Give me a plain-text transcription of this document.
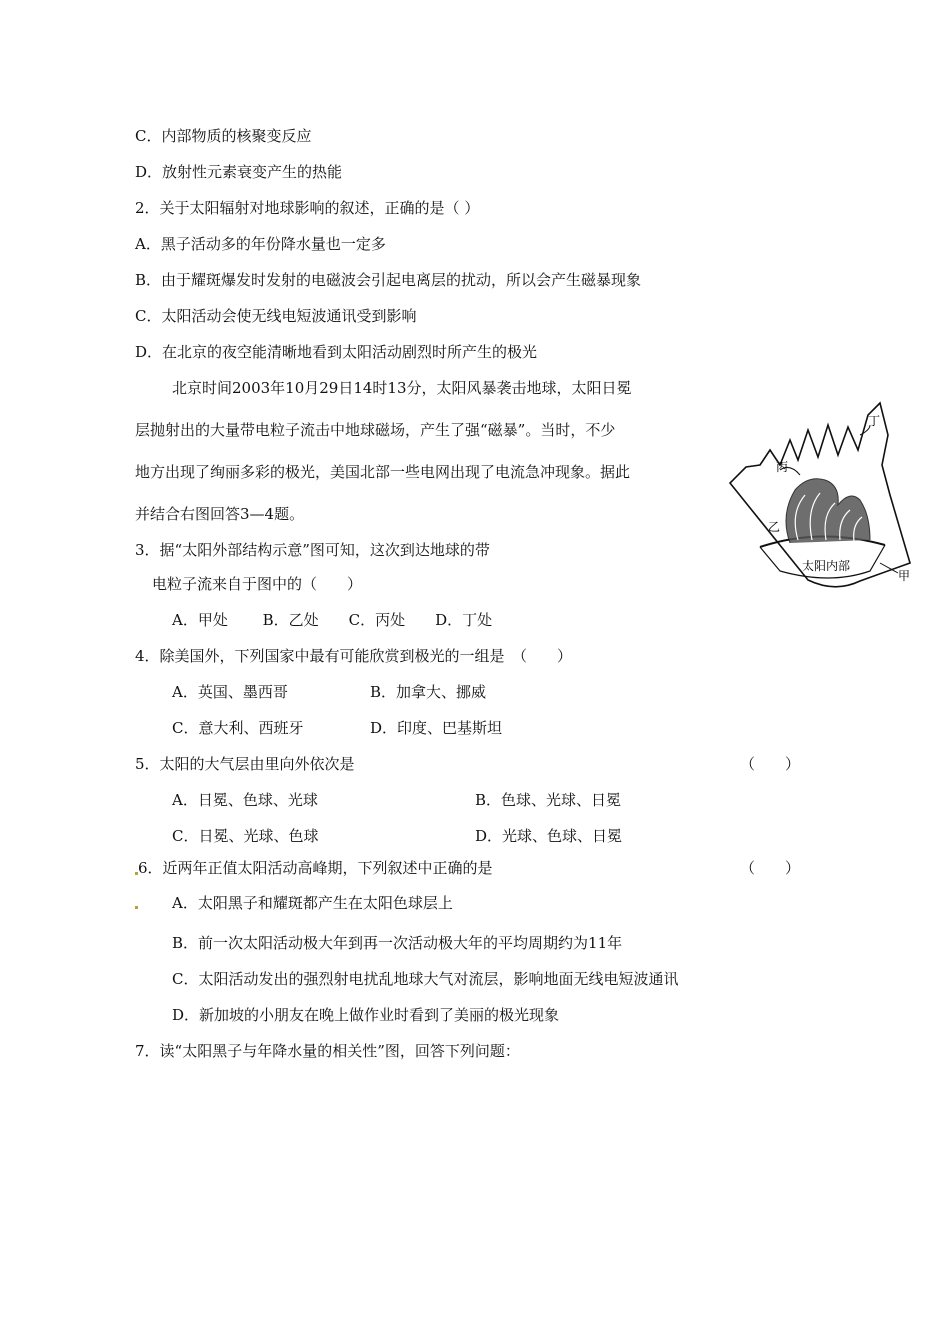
C．内部物质的核聚变反应
D．放射性元素衰变产生的热能
2．关于太阳辐射对地球影响的叙述，正确的是（ ）
A．黑子活动多的年份降水量也一定多
B．由于耀斑爆发时发射的电磁波会引起电离层的扰动，所以会产生磁暴现象
C．太阳活动会使无线电短波通讯受到影响
D．在北京的夜空能清晰地看到太阳活动剧烈时所产生的极光
北京时间2003年10月29日14时13分，太阳风暴袭击地球，太阳日冕
层抛射出的大量带电粒子流击中地球磁场，产生了强“磁暴”。当时，不少
地方出现了绚丽多彩的极光，美国北部一些电网出现了电流急冲现象。据此
并结合右图回答3—4题。
3．据“太阳外部结构示意”图可知，这次到达地球的带
电粒子流来自于图中的（　　）
A．甲处　　 B．乙处　　C．丙处　　D．丁处
4．除美国外，下列国家中最有可能欣赏到极光的一组是　（　　）
A．英国、墨西哥	B．加拿大、挪威
C．意大利、西班牙	D．印度、巴基斯坦
5．太阳的大气层由里向外依次是	（　　）
A．日冕、色球、光球	B．色球、光球、日冕
C．日冕、光球、色球	D．光球、色球、日冕
6．近两年正值太阳活动高峰期，下列叙述中正确的是	（　　）
A．太阳黑子和耀斑都产生在太阳色球层上
B．前一次太阳活动极大年到再一次活动极大年的平均周期约为11年
C．太阳活动发出的强烈射电扰乱地球大气对流层，影响地面无线电短波通讯
D．新加坡的小朋友在晚上做作业时看到了美丽的极光现象
7．读“太阳黑子与年降水量的相关性”图，回答下列问题：
丙
丁
乙
甲
太阳内部
